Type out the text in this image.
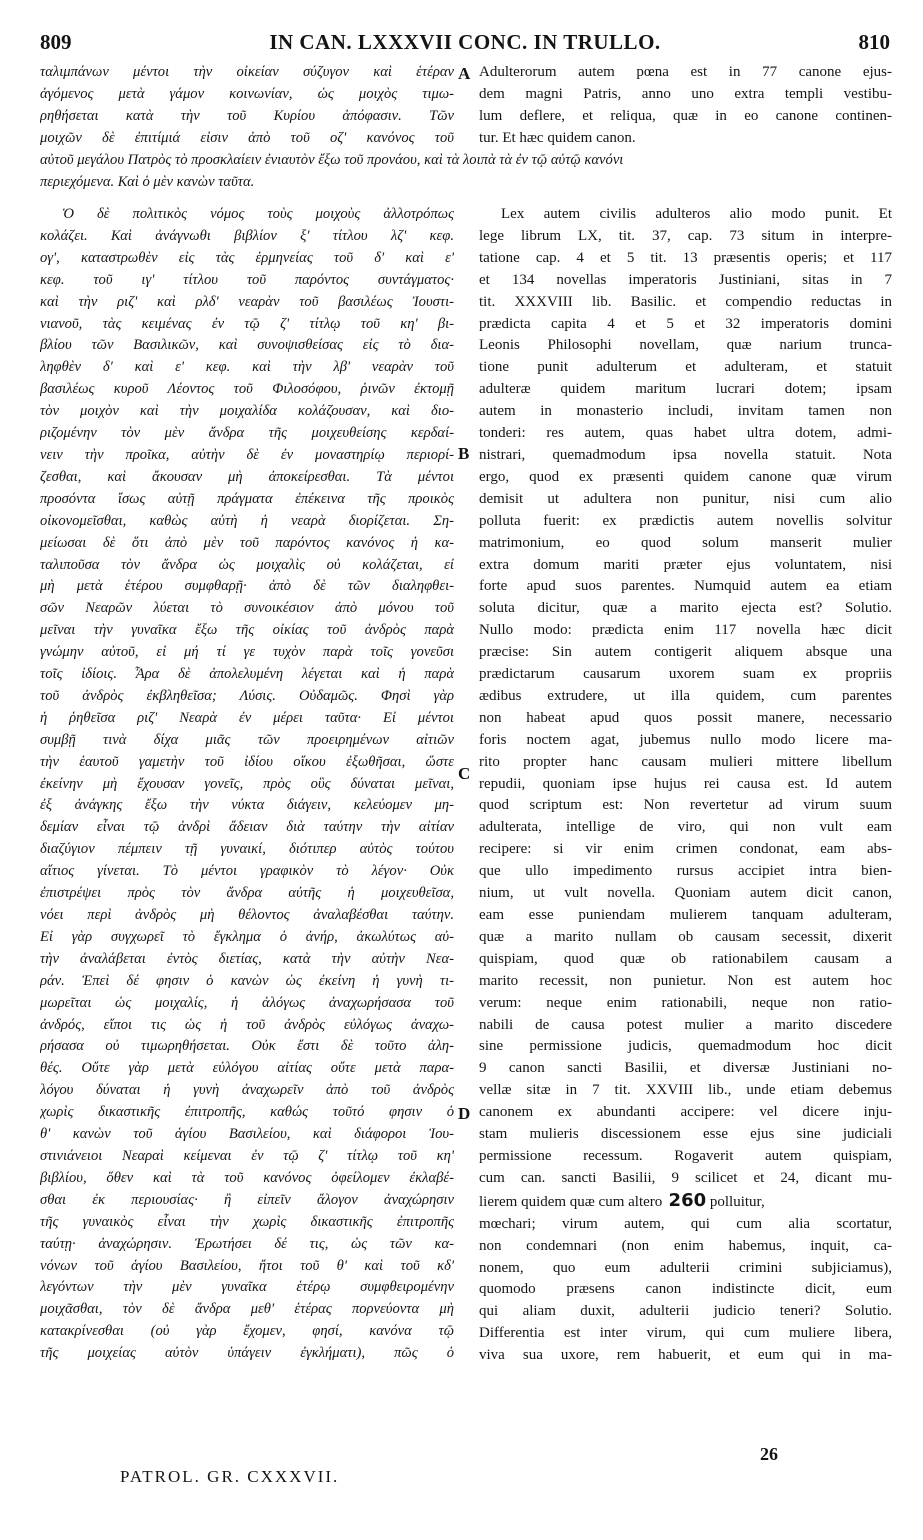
809	IN CAN. LXXXVII CONC. IN TRULLO.	810
ταλιμπάνων μέντοι τὴν οἰκείαν σύζυγον καὶ ἑτέραν
ἀγόμενος μετὰ γάμον κοινωνίαν, ὡς μοιχὸς τιμω-
ρηθήσεται κατὰ τὴν τοῦ Κυρίου ἀπόφασιν. Τῶν
μοιχῶν δὲ ἐπιτίμιά εἰσιν ἀπὸ τοῦ οζ' κανόνος τοῦ
Adulterorum autem pœna est in 77 canone ejus-
dem magni Patris, anno uno extra templi vestibu-
lum deflere, et reliqua, quæ in eo canone continen-
tur. Et hæc quidem canon.
αὐτοῦ μεγάλου Πατρὸς τὸ προσκλαίειν ἐνιαυτὸν ἔξω τοῦ προνάου, καὶ τὰ λοιπὰ τὰ ἐν τῷ αὐτῷ κανόνι
περιεχόμενα. Καὶ ὁ μὲν κανὼν ταῦτα.
Ὁ δὲ πολιτικὸς νόμος τοὺς μοιχοὺς ἀλλοτρόπως
κολάζει. Καὶ ἀνάγνωθι βιβλίον ξ' τίτλου λζ' κεφ.
ογ', καταστρωθὲν εἰς τὰς ἑρμηνείας τοῦ δ' καὶ ε'
κεφ. τοῦ ιγ' τίτλου τοῦ παρόντος συντάγματος·
καὶ τὴν ριζ' καὶ ρλδ' νεαρὰν τοῦ βασιλέως Ἰουστι-
νιανοῦ, τὰς κειμένας ἐν τῷ ζ' τίτλῳ τοῦ κη' βι-
βλίου τῶν Βασιλικῶν, καὶ συνοψισθείσας εἰς τὸ δια-
ληφθὲν δ' καὶ ε' κεφ. καὶ τὴν λβ' νεαρὰν τοῦ
βασιλέως κυροῦ Λέοντος τοῦ Φιλοσόφου, ῥινῶν ἐκτομῇ
τὸν μοιχὸν καὶ τὴν μοιχαλίδα κολάζουσαν, καὶ διο-
ριζομένην τὸν μὲν ἄνδρα τῆς μοιχευθείσης κερδαί-
νειν τὴν προῖκα, αὐτὴν δὲ ἐν μοναστηρίῳ περιορί-
ζεσθαι, καὶ ἄκουσαν μὴ ἀποκείρεσθαι. Τὰ μέντοι
προσόντα ἴσως αὐτῇ πράγματα ἐπέκεινα τῆς προικὸς
οἰκονομεῖσθαι, καθὼς αὐτὴ ἡ νεαρὰ διορίζεται. Ση-
μείωσαι δὲ ὅτι ἀπὸ μὲν τοῦ παρόντος κανόνος ἡ κα-
ταλιποῦσα τὸν ἄνδρα ὡς μοιχαλὶς οὐ κολάζεται, εἰ
μὴ μετὰ ἑτέρου συμφθαρῇ· ἀπὸ δὲ τῶν διαληφθει-
σῶν Νεαρῶν λύεται τὸ συνοικέσιον ἀπὸ μόνου τοῦ
μεῖναι τὴν γυναῖκα ἔξω τῆς οἰκίας τοῦ ἀνδρὸς παρὰ
γνώμην αὐτοῦ, εἰ μή τί γε τυχὸν παρὰ τοῖς γονεῦσι
τοῖς ἰδίοις. Ἆρα δὲ ἀπολελυμένη λέγεται καὶ ἡ παρὰ
τοῦ ἀνδρὸς ἐκβληθεῖσα; Λύσις. Οὐδαμῶς. Φησὶ γὰρ
ἡ ῥηθεῖσα ριζ' Νεαρὰ ἐν μέρει ταῦτα· Εἰ μέντοι
συμβῇ τινὰ δίχα μιᾶς τῶν προειρημένων αἰτιῶν
τὴν ἑαυτοῦ γαμετὴν τοῦ ἰδίου οἴκου ἐξωθῆσαι, ὥστε
ἐκείνην μὴ ἔχουσαν γονεῖς, πρὸς οὓς δύναται μεῖναι,
ἐξ ἀνάγκης ἔξω τὴν νύκτα διάγειν, κελεύομεν μη-
δεμίαν εἶναι τῷ ἀνδρὶ ἄδειαν διὰ ταύτην τὴν αἰτίαν
διαζύγιον πέμπειν τῇ γυναικί, διότιπερ αὐτὸς τούτου
αἴτιος γίνεται. Τὸ μέντοι γραφικὸν τὸ λέγον· Οὐκ
ἐπιστρέψει πρὸς τὸν ἄνδρα αὐτῆς ἡ μοιχευθεῖσα,
νόει περὶ ἀνδρὸς μὴ θέλοντος ἀναλαβέσθαι ταύτην.
Εἰ γὰρ συγχωρεῖ τὸ ἔγκλημα ὁ ἀνήρ, ἀκωλύτως αὐ-
τὴν ἀναλάβεται ἐντὸς διετίας, κατὰ τὴν αὐτὴν Νεα-
ράν. Ἐπεὶ δέ φησιν ὁ κανὼν ὡς ἐκείνη ἡ γυνὴ τι-
μωρεῖται ὡς μοιχαλίς, ἡ ἀλόγως ἀναχωρήσασα τοῦ
ἀνδρός, εἴποι τις ὡς ἡ τοῦ ἀνδρὸς εὐλόγως ἀναχω-
ρήσασα οὐ τιμωρηθήσεται. Οὐκ ἔστι δὲ τοῦτο ἀλη-
θές. Οὔτε γὰρ μετὰ εὐλόγου αἰτίας οὔτε μετὰ παρα-
λόγου δύναται ἡ γυνὴ ἀναχωρεῖν ἀπὸ τοῦ ἀνδρὸς
χωρὶς δικαστικῆς ἐπιτροπῆς, καθώς τοῦτό φησιν ὁ
θ' κανὼν τοῦ ἁγίου Βασιλείου, καὶ διάφοροι Ἰου-
στινιάνειοι Νεαραὶ κείμεναι ἐν τῷ ζ' τίτλῳ τοῦ κη'
βιβλίου, ὅθεν καὶ τὰ τοῦ κανόνος ὀφείλομεν ἐκλαβέ-
σθαι ἐκ περιουσίας· ἢ εἰπεῖν ἄλογον ἀναχώρησιν
τῆς γυναικὸς εἶναι τὴν χωρὶς δικαστικῆς ἐπιτροπῆς
ταύτῃ· ἀναχώρησιν. Ἐρωτήσει δέ τις, ὡς τῶν κα-
νόνων τοῦ ἁγίου Βασιλείου, ἤτοι τοῦ θ' καὶ τοῦ κδ'
λεγόντων τὴν μὲν γυναῖκα ἑτέρῳ συμφθειρομένην
μοιχᾶσθαι, τὸν δὲ ἄνδρα μεθ' ἑτέρας πορνεύοντα μὴ
κατακρίνεσθαι (οὐ γὰρ ἔχομεν, φησί, κανόνα τῷ
τῆς μοιχείας αὐτὸν ὑπάγειν ἐγκλήματι), πῶς ὁ
Lex autem civilis adulteros alio modo punit. Et
lege librum LX, tit. 37, cap. 73 situm in interpre-
tatione cap. 4 et 5 tit. 13 præsentis operis; et 117
et 134 novellas imperatoris Justiniani, sitas in 7
tit. XXXVIII lib. Basilic. et compendio reductas in
prædicta capita 4 et 5 et 32 imperatoris domini
Leonis Philosophi novellam, quæ narium trunca-
tione punit adulterum et adulteram, et statuit
adulteræ quidem maritum lucrari dotem; ipsam
autem in monasterio includi, invitam tamen non
tonderi: res autem, quas habet ultra dotem, admi-
nistrari, quemadmodum ipsa novella statuit. Nota
ergo, quod ex præsenti quidem canone quæ virum
demisit ut adultera non punitur, nisi cum alio
polluta fuerit: ex prædictis autem novellis solvitur
matrimonium, eo quod solum manserit mulier
extra domum mariti præter ejus voluntatem, nisi
forte apud suos parentes. Numquid autem ea etiam
soluta dicitur, quæ a marito ejecta est? Solutio.
Nullo modo: prædicta enim 117 novella hæc dicit
præcise: Sin autem contigerit aliquem absque una
prædictarum causarum uxorem suam ex propriis
ædibus extrudere, ut illa quidem, cum parentes
non habeat apud quos possit manere, necessario
foris noctem agat, jubemus nullo modo licere ma-
rito propter hanc causam mulieri mittere libellum
repudii, quoniam ipse hujus rei causa est. Id autem
quod scriptum est: Non revertetur ad virum suum
adulterata, intellige de viro, qui non vult eam
recipere: si vir enim crimen condonat, eam abs-
que ullo impedimento rursus accipiet intra bien-
nium, ut vult novella. Quoniam autem dicit canon,
eam esse puniendam mulierem tanquam adulteram,
quæ a marito nullam ob causam secessit, dixerit
quispiam, quod quæ ob rationabilem causam a
marito recessit, non punietur. Non est autem hoc
verum: neque enim rationabili, neque non ratio-
nabili de causa potest mulier a marito discedere
sine permissione judicis, quemadmodum hoc dicit
9 canon sancti Basilii, et diversæ Justiniani no-
vellæ sitæ in 7 tit. XXVIII lib., unde etiam debemus
canonem ex abundanti accipere: vel dicere inju-
stam mulieris discessionem esse ejus sine judiciali
permissione recessum. Rogaverit autem quispiam,
cum can. sancti Basilii, 9 scilicet et 24, dicant mu-
lierem quidem quæ cum altero 260 polluitur,
mœchari; virum autem, qui cum alia scortatur,
non condemnari (non enim habemus, inquit, ca-
nonem, quo eum adulterii crimini subjiciamus),
quomodo præsens canon indistincte dicit, eum
qui aliam duxit, adulterii judicio teneri? Solutio.
Differentia est inter virum, qui cum muliere libera,
viva sua uxore, rem habuerit, et eum qui in ma-
A
B
C
D
PATROL. GR. CXXXVII.
26
